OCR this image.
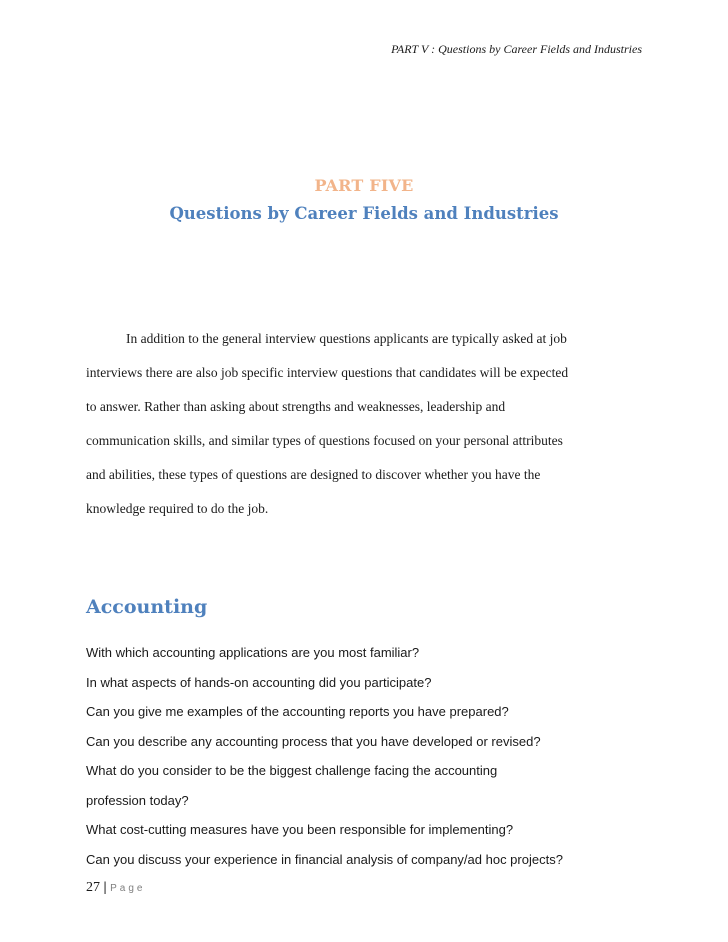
PART V : Questions by Career Fields and Industries
PART FIVE
Questions by Career Fields and Industries
In addition to the general interview questions applicants are typically asked at job
interviews there are also job specific interview questions that candidates will be expected
to answer. Rather than asking about strengths and weaknesses, leadership and
communication skills, and similar types of questions focused on your personal attributes
and abilities, these types of questions are designed to discover whether you have the
knowledge required to do the job.
Accounting
With which accounting applications are you most familiar?
In what aspects of hands-on accounting did you participate?
Can you give me examples of the accounting reports you have prepared?
Can you describe any accounting process that you have developed or revised?
What do you consider to be the biggest challenge facing the accounting
profession today?
What cost-cutting measures have you been responsible for implementing?
Can you discuss your experience in financial analysis of company/ad hoc projects?
27 | Page
